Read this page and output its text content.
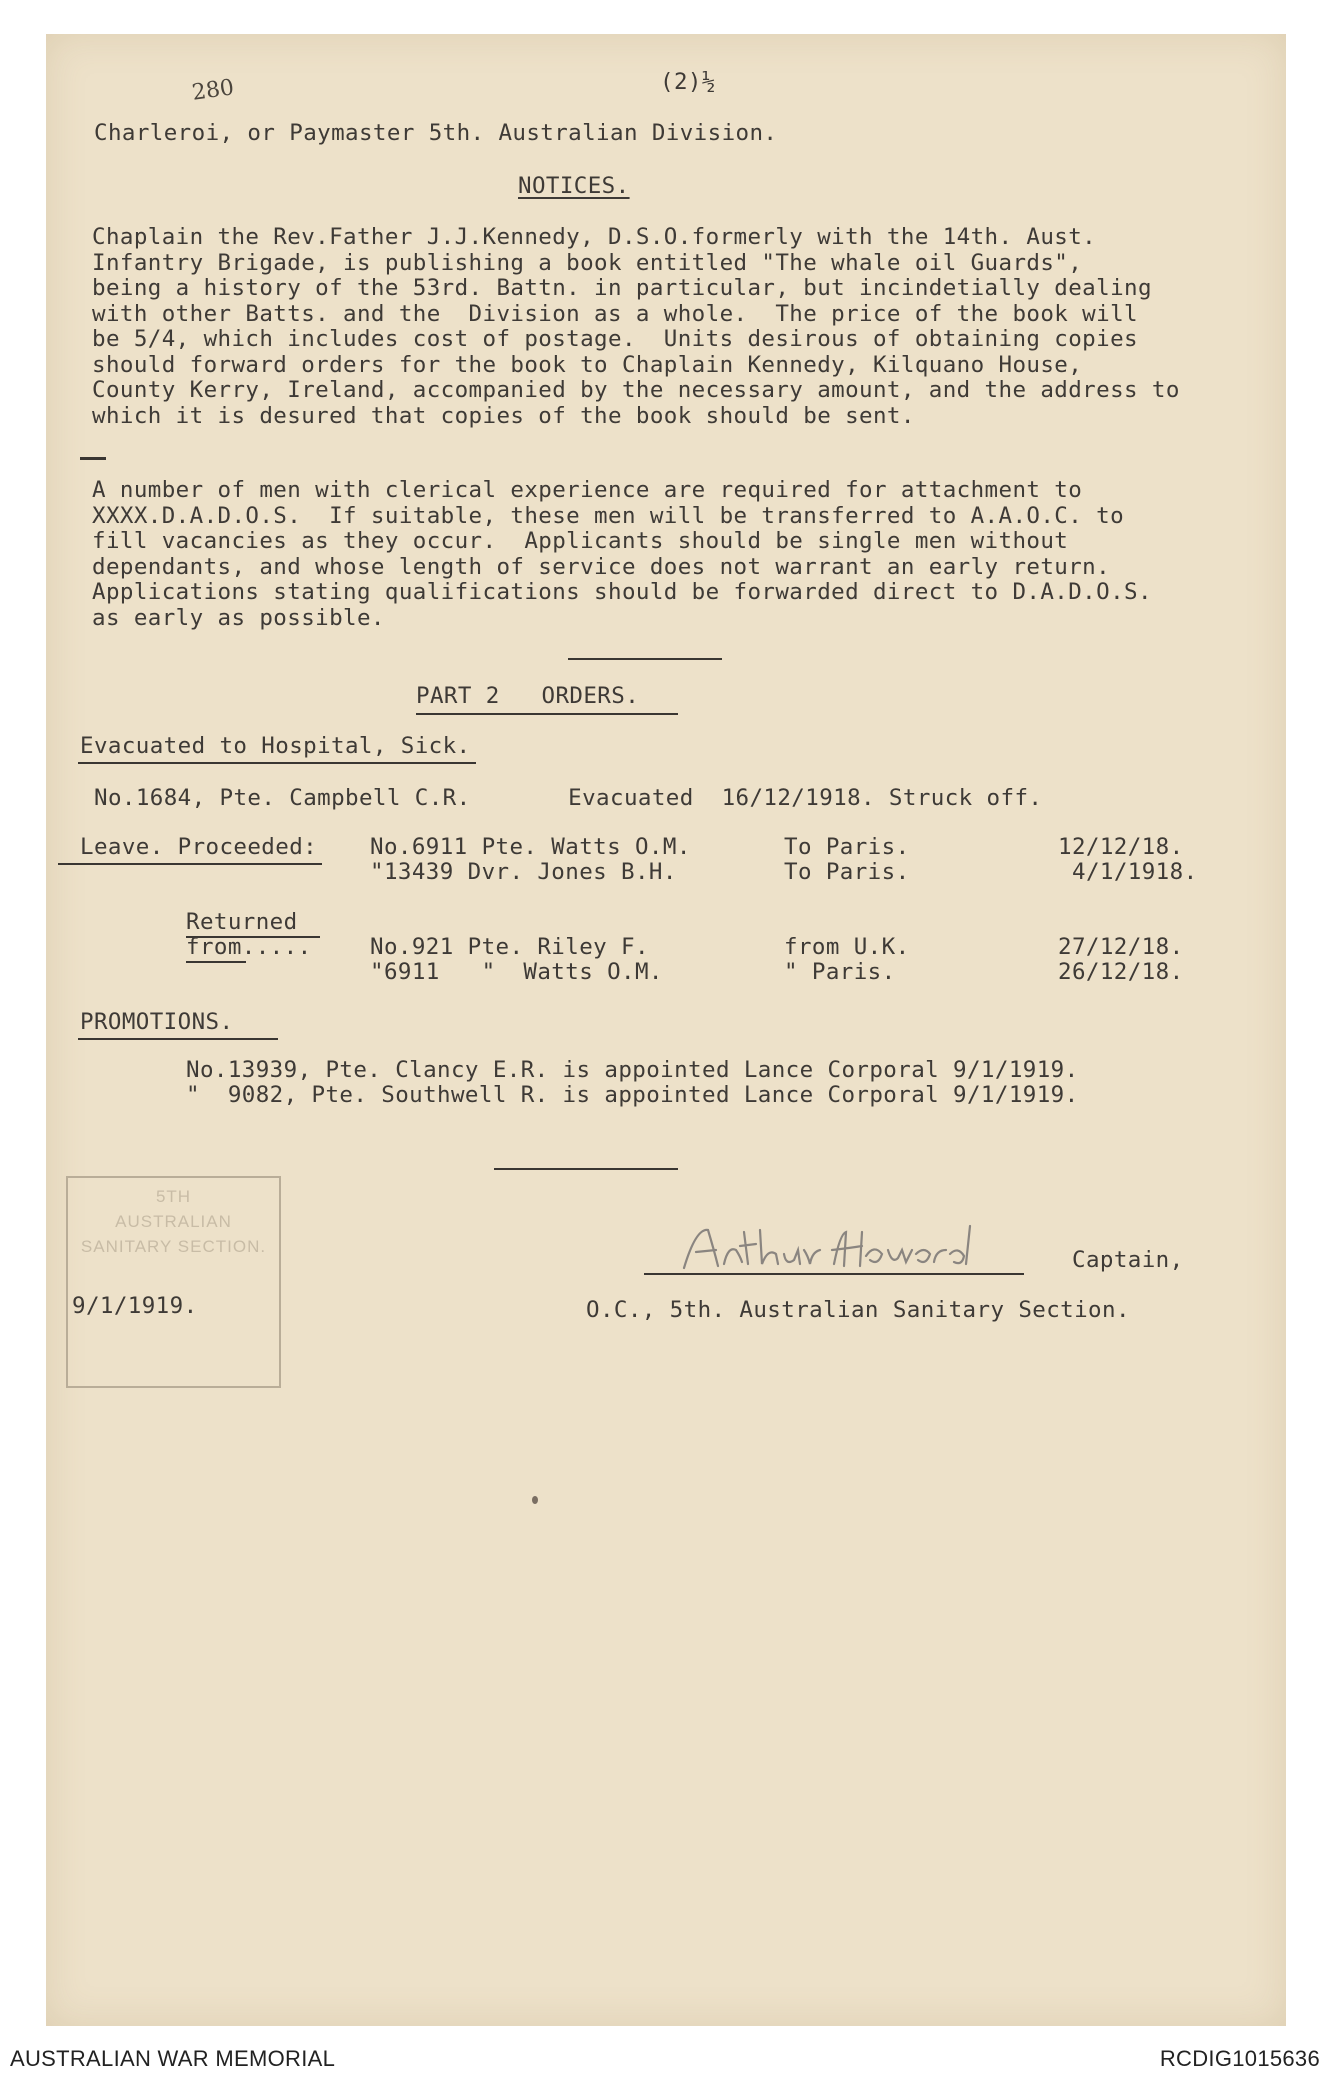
280	(2)½
Charleroi, or Paymaster 5th. Australian Division.
NOTICES.
Chaplain the Rev.Father J.J.Kennedy, D.S.O.formerly with the 14th. Aust.
Infantry Brigade, is publishing a book entitled "The whale oil Guards",
being a history of the 53rd. Battn. in particular, but incindetially dealing
with other Batts. and the  Division as a whole.  The price of the book will
be 5/4, which includes cost of postage.  Units desirous of obtaining copies
should forward orders for the book to Chaplain Kennedy, Kilquano House,
County Kerry, Ireland, accompanied by the necessary amount, and the address to
which it is desured that copies of the book should be sent.
A number of men with clerical experience are required for attachment to
XXXX.D.A.D.O.S.  If suitable, these men will be transferred to A.A.O.C. to
fill vacancies as they occur.  Applicants should be single men without
dependants, and whose length of service does not warrant an early return.
Applications stating qualifications should be forwarded direct to D.A.D.O.S.
as early as possible.
PART 2   ORDERS.
Evacuated to Hospital, Sick.
No.1684, Pte. Campbell C.R.       Evacuated  16/12/1918. Struck off.
Leave. Proceeded: No.6911 Pte. Watts O.M.	To Paris.	12/12/18.
"13439 Dvr. Jones B.H.	To Paris.	4/1/1918.
Returned
from.....	No.921 Pte. Riley F.	from U.K.	27/12/18.
"6911   "  Watts O.M.	" Paris.	26/12/18.
PROMOTIONS.
No.13939, Pte. Clancy E.R. is appointed Lance Corporal 9/1/1919.
"  9082, Pte. Southwell R. is appointed Lance Corporal 9/1/1919.
5TH
AUSTRALIAN
SANITARY SECTION.
9/1/1919.
Captain,
O.C., 5th. Australian Sanitary Section.
AUSTRALIAN WAR MEMORIAL	RCDIG1015636
